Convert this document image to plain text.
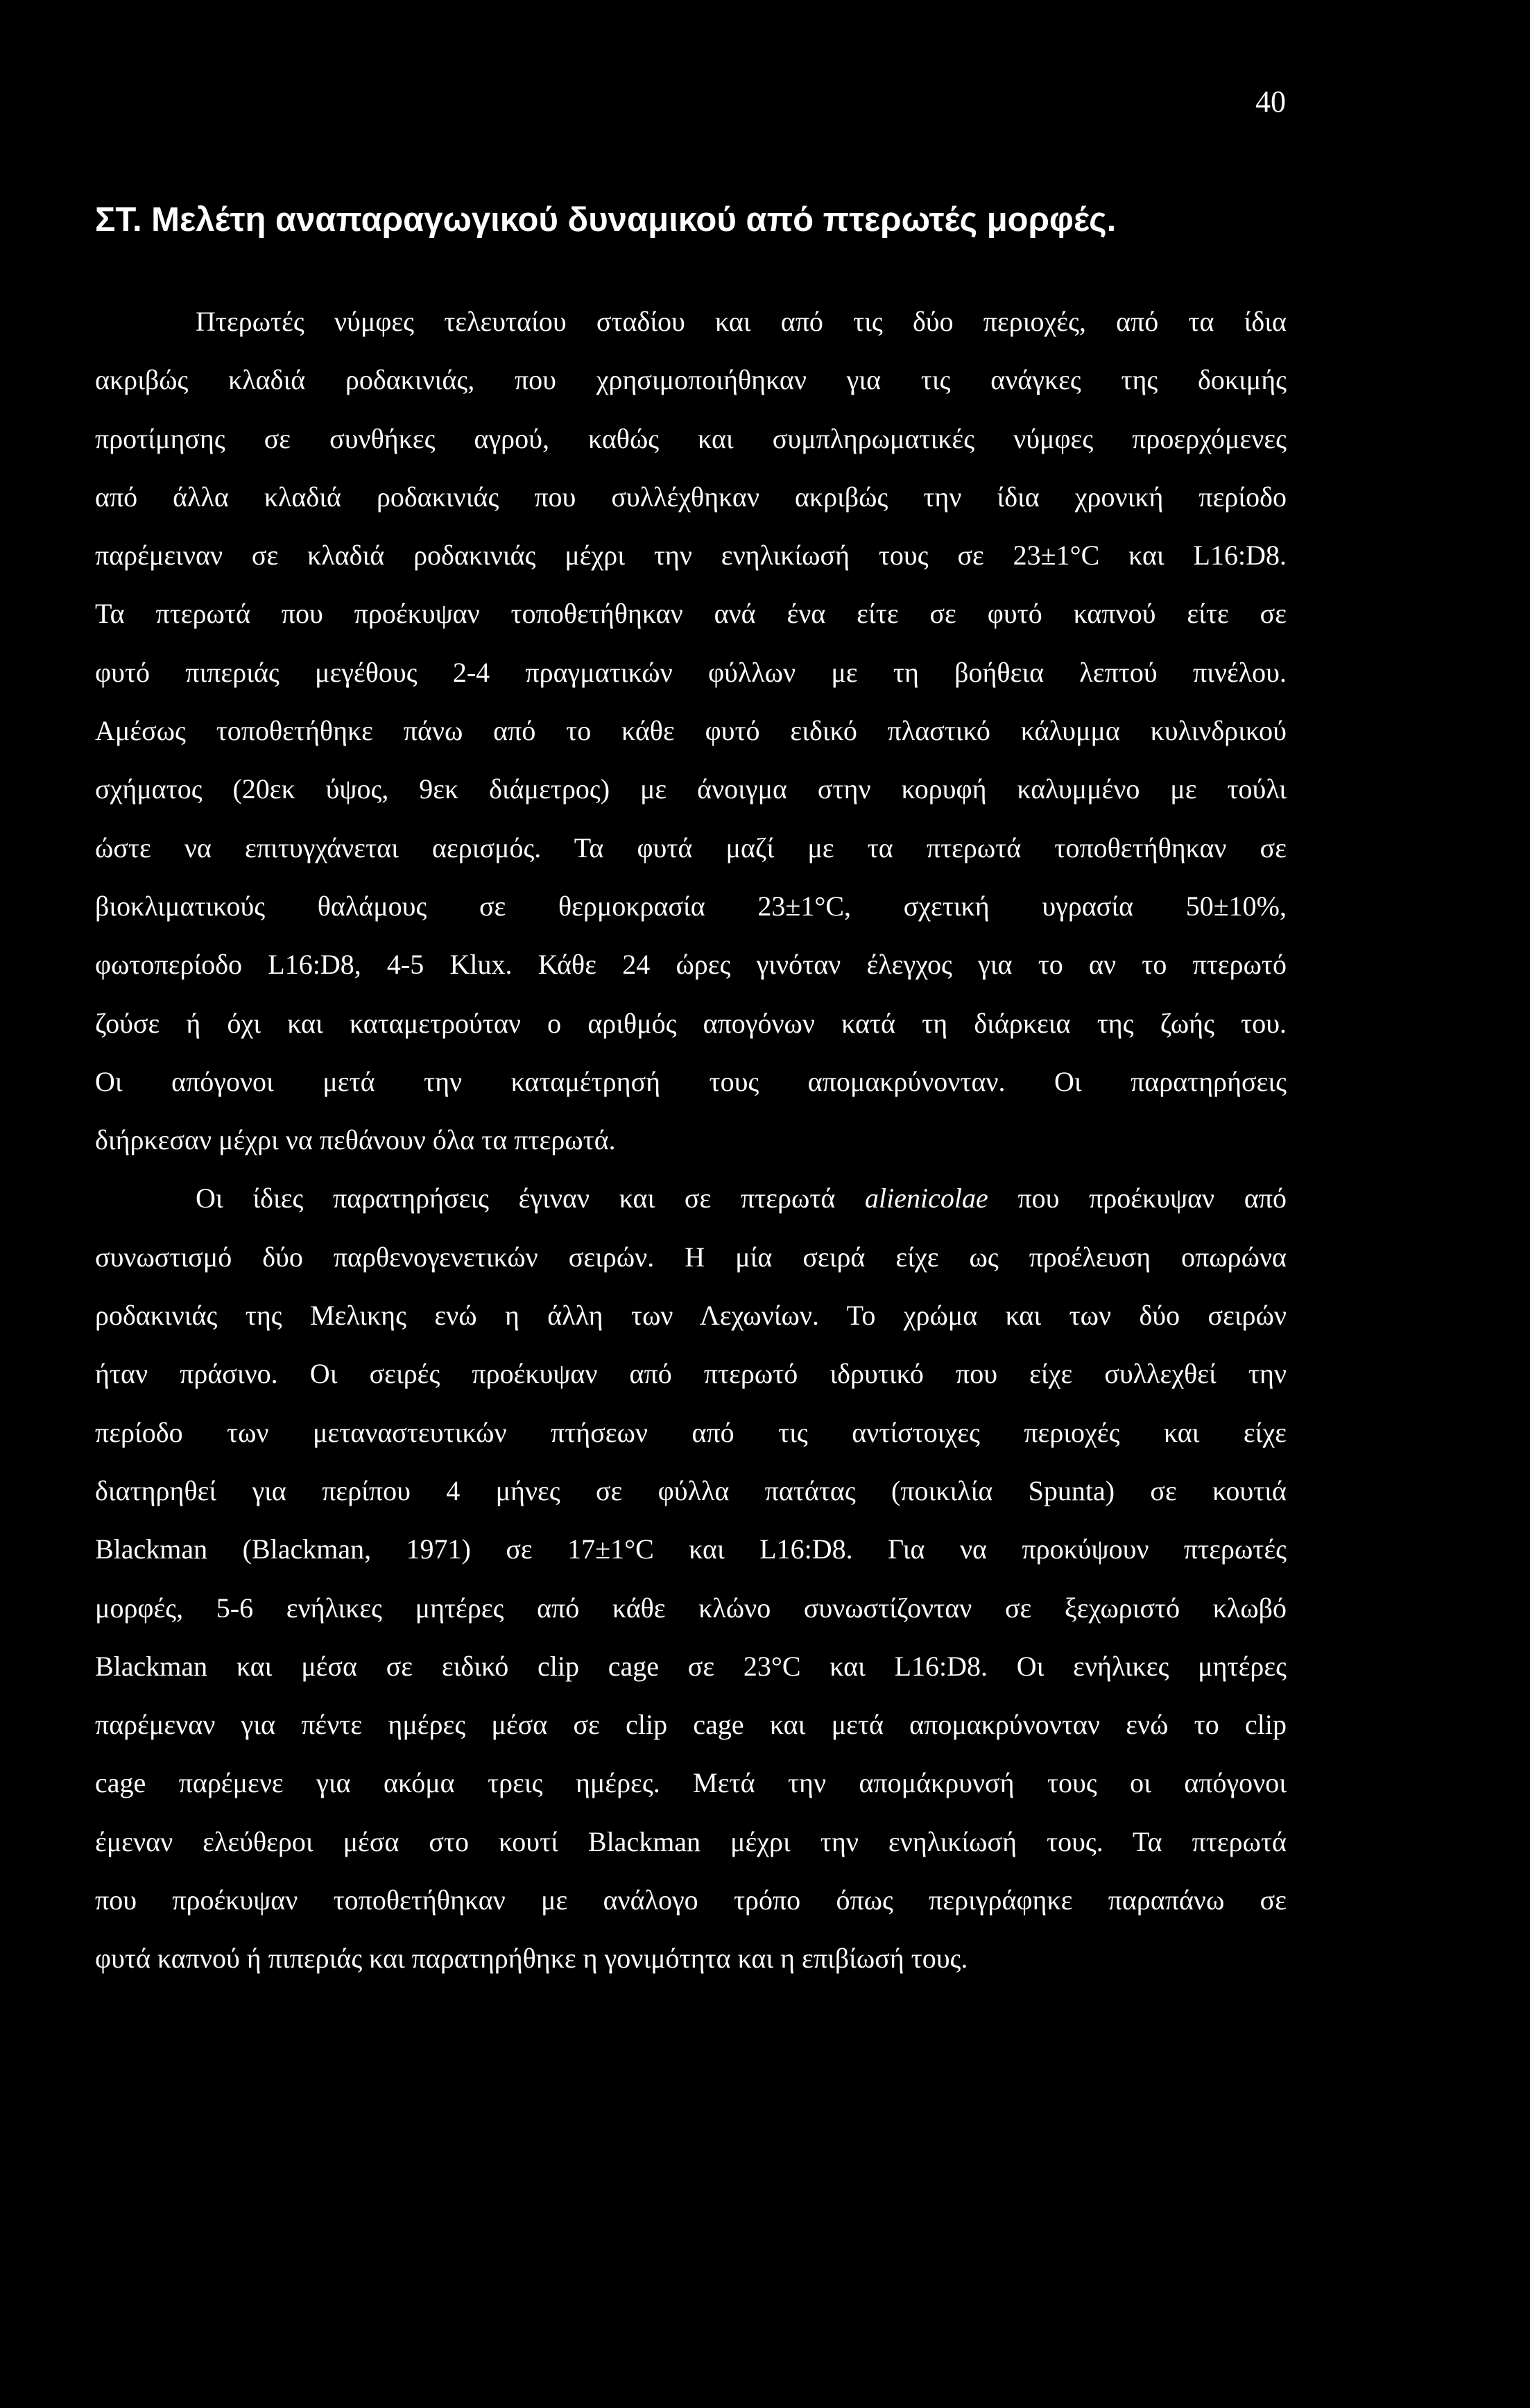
40
ΣΤ. Μελέτη αναπαραγωγικού δυναμικού από πτερωτές μορφές.
Πτερωτές νύμφες τελευταίου σταδίου και από τις δύο περιοχές, από τα ίδια
ακριβώς κλαδιά ροδακινιάς, που χρησιμοποιήθηκαν για τις ανάγκες της δοκιμής
προτίμησης σε συνθήκες αγρού, καθώς και συμπληρωματικές νύμφες προερχόμενες
από άλλα κλαδιά ροδακινιάς που συλλέχθηκαν ακριβώς την ίδια χρονική περίοδο
παρέμειναν σε κλαδιά ροδακινιάς μέχρι την ενηλικίωσή τους σε 23±1°C και L16:D8.
Τα πτερωτά που προέκυψαν τοποθετήθηκαν ανά ένα είτε σε φυτό καπνού είτε σε
φυτό πιπεριάς μεγέθους 2-4 πραγματικών φύλλων με τη βοήθεια λεπτού πινέλου.
Αμέσως τοποθετήθηκε πάνω από το κάθε φυτό ειδικό πλαστικό κάλυμμα κυλινδρικού
σχήματος (20εκ ύψος, 9εκ διάμετρος) με άνοιγμα στην κορυφή καλυμμένο με τούλι
ώστε να επιτυγχάνεται αερισμός. Τα φυτά μαζί με τα πτερωτά τοποθετήθηκαν σε
βιοκλιματικούς θαλάμους σε θερμοκρασία 23±1°C, σχετική υγρασία 50±10%,
φωτοπερίοδο L16:D8, 4-5 Klux. Κάθε 24 ώρες γινόταν έλεγχος για το αν το πτερωτό
ζούσε ή όχι και καταμετρούταν ο αριθμός απογόνων κατά τη διάρκεια της ζωής του.
Οι απόγονοι μετά την καταμέτρησή τους απομακρύνονταν. Οι παρατηρήσεις
διήρκεσαν μέχρι να πεθάνουν όλα τα πτερωτά.
Οι ίδιες παρατηρήσεις έγιναν και σε πτερωτά alienicolae που προέκυψαν από
συνωστισμό δύο παρθενογενετικών σειρών. Η μία σειρά είχε ως προέλευση οπωρώνα
ροδακινιάς της Μελικης ενώ η άλλη των Λεχωνίων. Το χρώμα και των δύο σειρών
ήταν πράσινο. Οι σειρές προέκυψαν από πτερωτό ιδρυτικό που είχε συλλεχθεί την
περίοδο των μεταναστευτικών πτήσεων από τις αντίστοιχες περιοχές και είχε
διατηρηθεί για περίπου 4 μήνες σε φύλλα πατάτας (ποικιλία Spunta) σε κουτιά
Blackman (Blackman, 1971) σε 17±1°C και L16:D8. Για να προκύψουν πτερωτές
μορφές, 5-6 ενήλικες μητέρες από κάθε κλώνο συνωστίζονταν σε ξεχωριστό κλωβό
Blackman και μέσα σε ειδικό clip cage σε 23°C και L16:D8. Οι ενήλικες μητέρες
παρέμεναν για πέντε ημέρες μέσα σε clip cage και μετά απομακρύνονταν ενώ το clip
cage παρέμενε για ακόμα τρεις ημέρες. Μετά την απομάκρυνσή τους οι απόγονοι
έμεναν ελεύθεροι μέσα στο κουτί Blackman μέχρι την ενηλικίωσή τους. Τα πτερωτά
που προέκυψαν τοποθετήθηκαν με ανάλογο τρόπο όπως περιγράφηκε παραπάνω σε
φυτά καπνού ή πιπεριάς και παρατηρήθηκε η γονιμότητα και η επιβίωσή τους.
